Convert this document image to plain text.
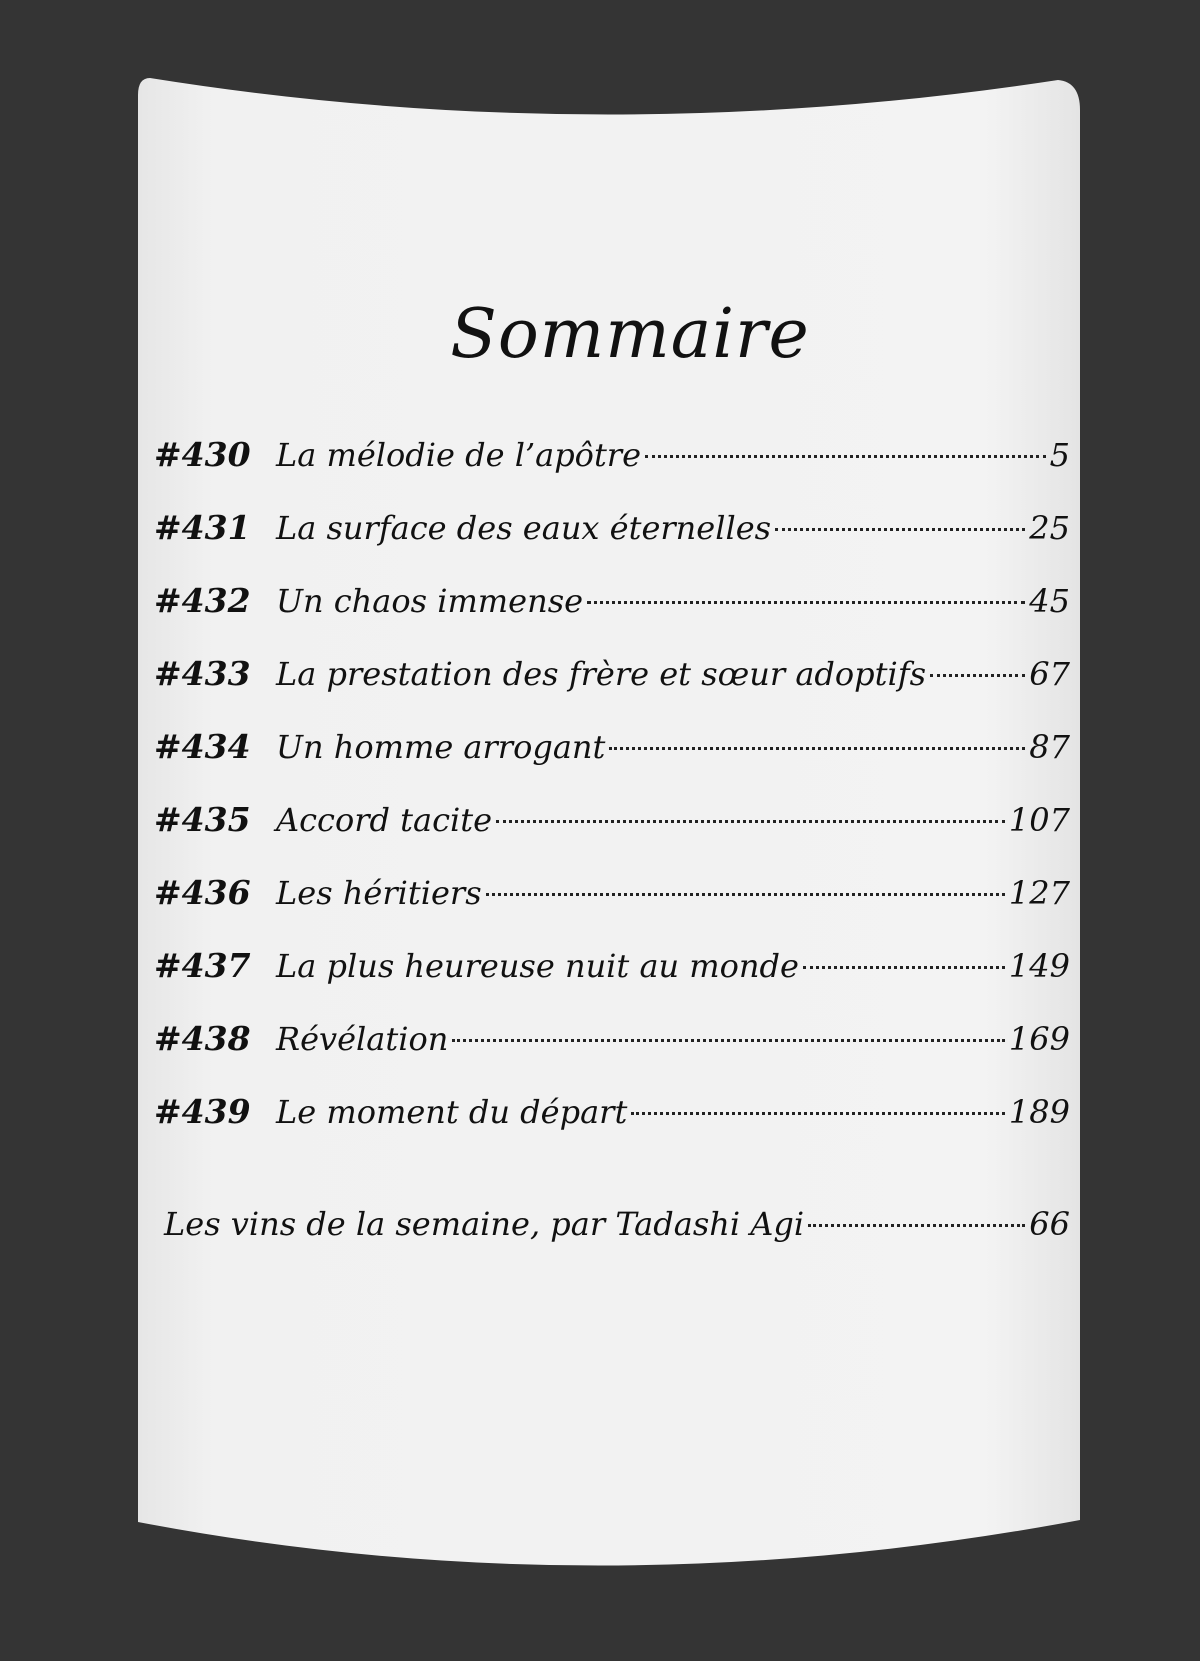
Sommaire
#430 La mélodie de l’apôtre	5
#431 La surface des eaux éternelles	25
#432 Un chaos immense	45
#433 La prestation des frère et sœur adoptifs	67
#434 Un homme arrogant	87
#435 Accord tacite	107
#436 Les héritiers	127
#437 La plus heureuse nuit au monde	149
#438 Révélation	169
#439 Le moment du départ	189
Les vins de la semaine, par Tadashi Agi	66
